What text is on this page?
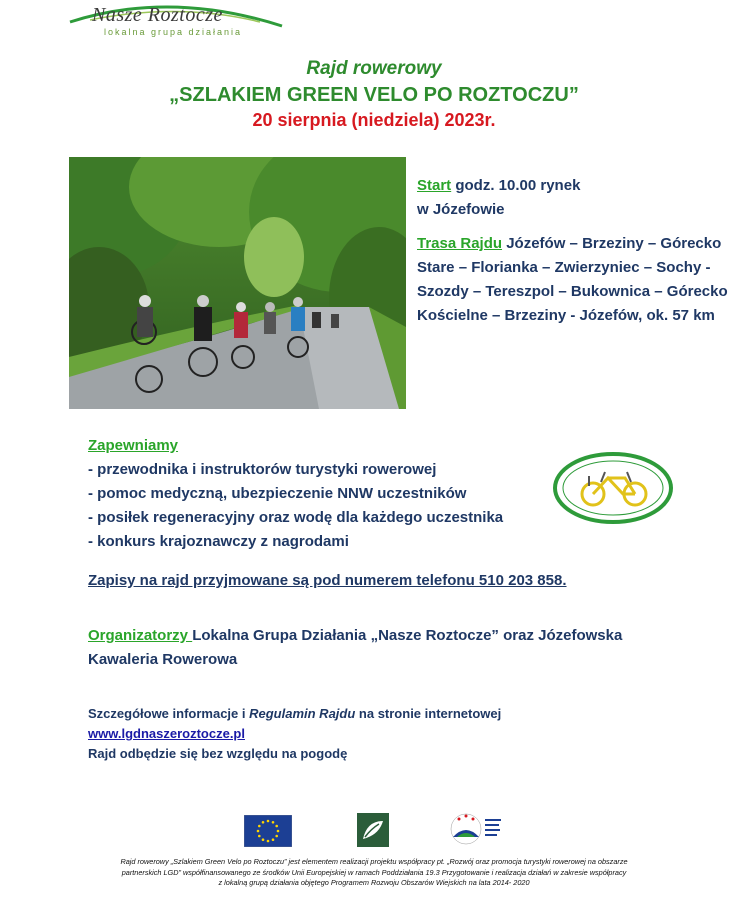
Nasze Roztocze
lokalna grupa działania
Rajd rowerowy
„SZLAKIEM GREEN VELO PO ROZTOCZU”
20 sierpnia (niedziela) 2023r.
Start godz. 10.00 rynek
w Józefowie
Trasa Rajdu Józefów – Brzeziny – Górecko Stare – Florianka – Zwierzyniec – Sochy - Szozdy – Tereszpol – Bukownica – Górecko Kościelne – Brzeziny - Józefów, ok. 57 km
Zapewniamy
- przewodnika i instruktorów turystyki rowerowej
- pomoc medyczną, ubezpieczenie NNW uczestników
- posiłek regeneracyjny oraz wodę dla każdego uczestnika
- konkurs krajoznawczy z nagrodami
Zapisy na rajd przyjmowane są pod numerem telefonu 510 203 858.
Organizatorzy Lokalna Grupa Działania „Nasze Roztocze” oraz Józefowska Kawaleria Rowerowa
Szczegółowe informacje i Regulamin Rajdu na stronie internetowej
www.lgdnaszeroztocze.pl
Rajd odbędzie się bez względu na pogodę
Rajd rowerowy „Szlakiem Green Velo po Roztoczu” jest elementem realizacji projektu współpracy pt. „Rozwój oraz promocja turystyki rowerowej na obszarze
partnerskich LGD” współfinansowanego ze środków Unii Europejskiej w ramach Poddziałania 19.3 Przygotowanie i realizacja działań w zakresie współpracy
z lokalną grupą działania objętego Programem Rozwoju Obszarów Wiejskich na lata 2014- 2020
